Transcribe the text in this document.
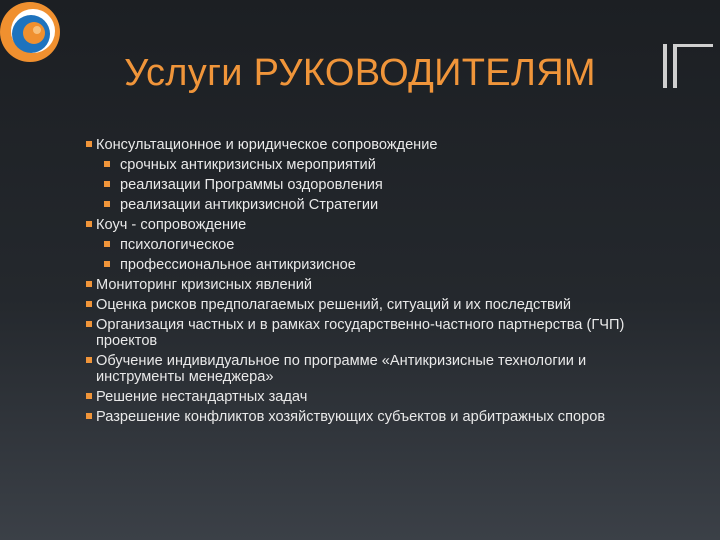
Услуги РУКОВОДИТЕЛЯМ
Консультационное и юридическое сопровождение
срочных антикризисных мероприятий
реализации Программы оздоровления
реализации антикризисной Стратегии
Коуч - сопровождение
психологическое
профессиональное антикризисное
Мониторинг кризисных явлений
Оценка рисков предполагаемых решений, ситуаций и их последствий
Организация частных и в рамках государственно-частного партнерства (ГЧП) проектов
Обучение индивидуальное по программе «Антикризисные технологии и инструменты менеджера»
Решение нестандартных задач
Разрешение конфликтов хозяйствующих субъектов и арбитражных споров
